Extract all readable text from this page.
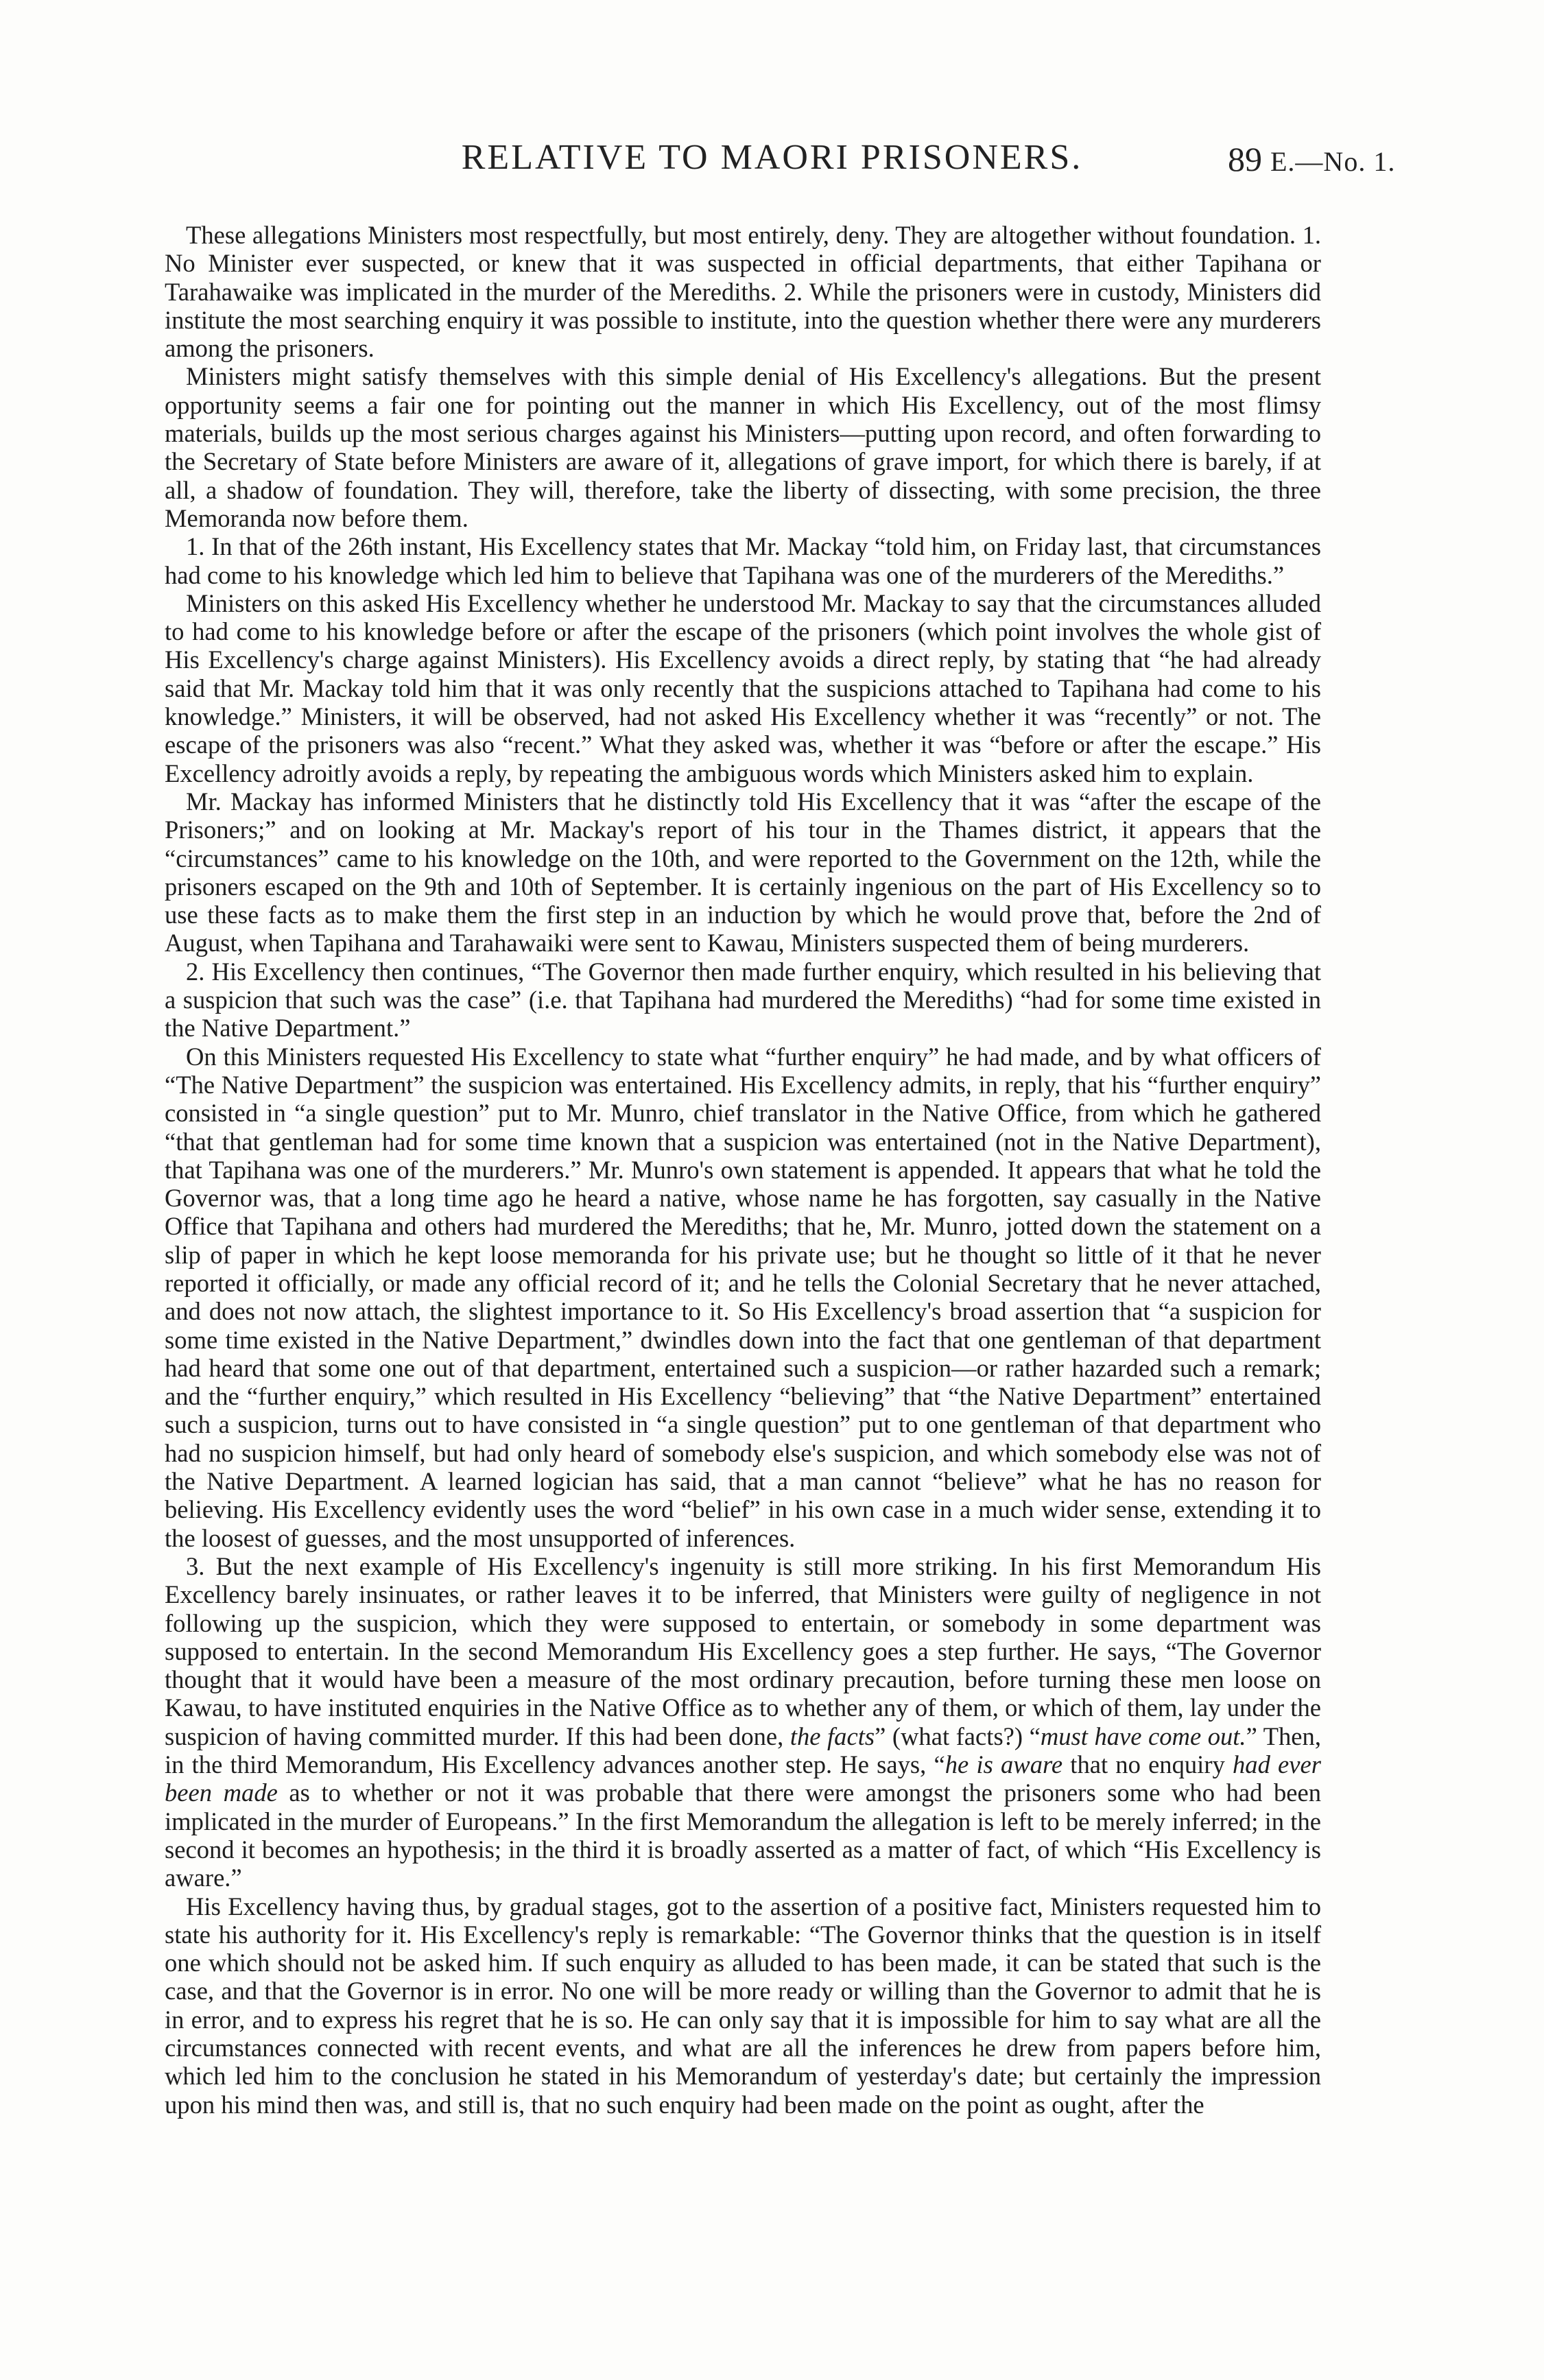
RELATIVE TO MAORI PRISONERS.	89 E.—No. 1.

These allegations Ministers most respectfully, but most entirely, deny. They are altogether without foundation. 1. No Minister ever suspected, or knew that it was suspected in official departments, that either Tapihana or Tarahawaike was implicated in the murder of the Merediths. 2. While the prisoners were in custody, Ministers did institute the most searching enquiry it was possible to institute, into the question whether there were any murderers among the prisoners.

Ministers might satisfy themselves with this simple denial of His Excellency's allegations. But the present opportunity seems a fair one for pointing out the manner in which His Excellency, out of the most flimsy materials, builds up the most serious charges against his Ministers—putting upon record, and often forwarding to the Secretary of State before Ministers are aware of it, allegations of grave import, for which there is barely, if at all, a shadow of foundation. They will, therefore, take the liberty of dissecting, with some precision, the three Memoranda now before them.

1. In that of the 26th instant, His Excellency states that Mr. Mackay “told him, on Friday last, that circumstances had come to his knowledge which led him to believe that Tapihana was one of the murderers of the Merediths.”

Ministers on this asked His Excellency whether he understood Mr. Mackay to say that the circumstances alluded to had come to his knowledge before or after the escape of the prisoners (which point involves the whole gist of His Excellency's charge against Ministers). His Excellency avoids a direct reply, by stating that “he had already said that Mr. Mackay told him that it was only recently that the suspicions attached to Tapihana had come to his knowledge.” Ministers, it will be observed, had not asked His Excellency whether it was “recently” or not. The escape of the prisoners was also “recent.” What they asked was, whether it was “before or after the escape.” His Excellency adroitly avoids a reply, by repeating the ambiguous words which Ministers asked him to explain.

Mr. Mackay has informed Ministers that he distinctly told His Excellency that it was “after the escape of the Prisoners;” and on looking at Mr. Mackay's report of his tour in the Thames district, it appears that the “circumstances” came to his knowledge on the 10th, and were reported to the Government on the 12th, while the prisoners escaped on the 9th and 10th of September. It is certainly ingenious on the part of His Excellency so to use these facts as to make them the first step in an induction by which he would prove that, before the 2nd of August, when Tapihana and Tarahawaiki were sent to Kawau, Ministers suspected them of being murderers.

2. His Excellency then continues, “The Governor then made further enquiry, which resulted in his believing that a suspicion that such was the case” (i.e. that Tapihana had murdered the Merediths) “had for some time existed in the Native Department.”

On this Ministers requested His Excellency to state what “further enquiry” he had made, and by what officers of “The Native Department” the suspicion was entertained. His Excellency admits, in reply, that his “further enquiry” consisted in “a single question” put to Mr. Munro, chief translator in the Native Office, from which he gathered “that that gentleman had for some time known that a suspicion was entertained (not in the Native Department), that Tapihana was one of the murderers.” Mr. Munro's own statement is appended. It appears that what he told the Governor was, that a long time ago he heard a native, whose name he has forgotten, say casually in the Native Office that Tapihana and others had murdered the Merediths; that he, Mr. Munro, jotted down the statement on a slip of paper in which he kept loose memoranda for his private use; but he thought so little of it that he never reported it officially, or made any official record of it; and he tells the Colonial Secretary that he never attached, and does not now attach, the slightest importance to it. So His Excellency's broad assertion that “a suspicion for some time existed in the Native Department,” dwindles down into the fact that one gentleman of that department had heard that some one out of that department, entertained such a suspicion—or rather hazarded such a remark; and the “further enquiry,” which resulted in His Excellency “believing” that “the Native Department” entertained such a suspicion, turns out to have consisted in “a single question” put to one gentleman of that department who had no suspicion himself, but had only heard of somebody else's suspicion, and which somebody else was not of the Native Department. A learned logician has said, that a man cannot “believe” what he has no reason for believing. His Excellency evidently uses the word “belief” in his own case in a much wider sense, extending it to the loosest of guesses, and the most unsupported of inferences.

3. But the next example of His Excellency's ingenuity is still more striking. In his first Memorandum His Excellency barely insinuates, or rather leaves it to be inferred, that Ministers were guilty of negligence in not following up the suspicion, which they were supposed to entertain, or somebody in some department was supposed to entertain. In the second Memorandum His Excellency goes a step further. He says, “The Governor thought that it would have been a measure of the most ordinary precaution, before turning these men loose on Kawau, to have instituted enquiries in the Native Office as to whether any of them, or which of them, lay under the suspicion of having committed murder. If this had been done, the facts” (what facts?) “must have come out.” Then, in the third Memorandum, His Excellency advances another step. He says, “he is aware that no enquiry had ever been made as to whether or not it was probable that there were amongst the prisoners some who had been implicated in the murder of Europeans.” In the first Memorandum the allegation is left to be merely inferred; in the second it becomes an hypothesis; in the third it is broadly asserted as a matter of fact, of which “His Excellency is aware.”

His Excellency having thus, by gradual stages, got to the assertion of a positive fact, Ministers requested him to state his authority for it. His Excellency's reply is remarkable: “The Governor thinks that the question is in itself one which should not be asked him. If such enquiry as alluded to has been made, it can be stated that such is the case, and that the Governor is in error. No one will be more ready or willing than the Governor to admit that he is in error, and to express his regret that he is so. He can only say that it is impossible for him to say what are all the circumstances connected with recent events, and what are all the inferences he drew from papers before him, which led him to the conclusion he stated in his Memorandum of yesterday's date; but certainly the impression upon his mind then was, and still is, that no such enquiry had been made on the point as ought, after the
